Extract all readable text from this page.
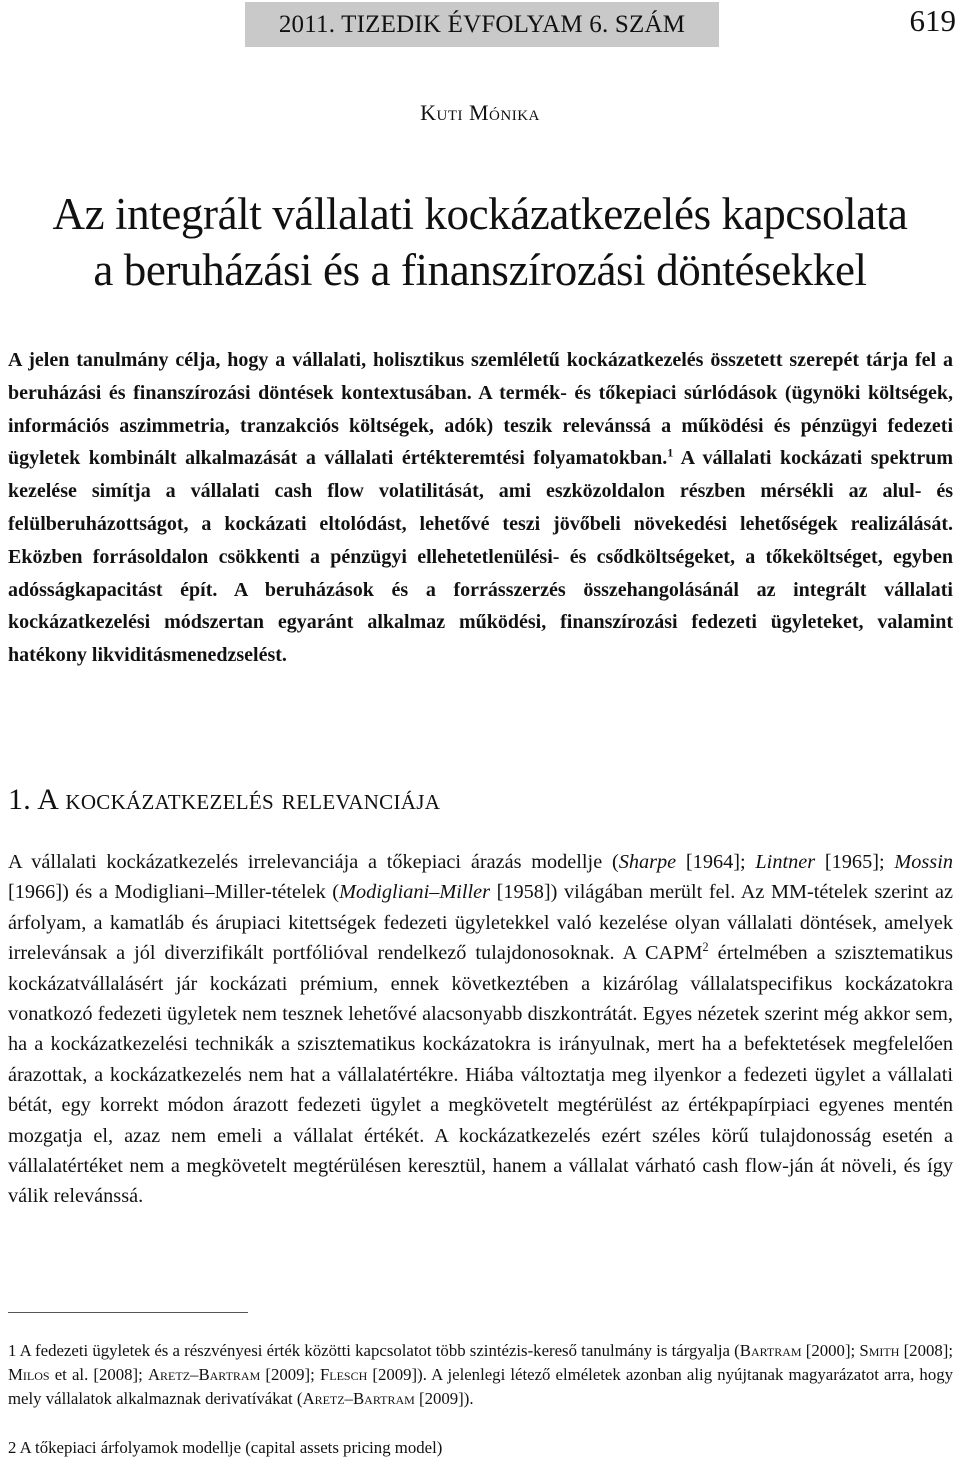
2011. TIZEDIK ÉVFOLYAM 6. SZÁM	619
Kuti Mónika
Az integrált vállalati kockázatkezelés kapcsolata
a beruházási és a finanszírozási döntésekkel

A jelen tanulmány célja, hogy a vállalati, holisztikus szemléletű kockázatkezelés összetett szerepét tárja fel a beruházási és finanszírozási döntések kontextusában. A termék- és tőkepiaci súrlódások (ügynöki költségek, információs aszimmetria, tranzakciós költségek, adók) teszik relevánssá a működési és pénzügyi fedezeti ügyletek kombinált alkalmazását a vállalati értékteremtési folyamatokban.$^1$ A vállalati kockázati spektrum kezelése simítja a vállalati cash flow volatilitását, ami eszközoldalon részben mérsékli az alul- és felülberuházottságot, a kockázati eltolódást, lehetővé teszi jövőbeli növekedési lehetőségek realizálását. Eközben forrásoldalon csökkenti a pénzügyi ellehetetlenülési- és csődköltségeket, a tőkeköltséget, egyben adósságkapacitást épít. A beruházások és a forrásszerzés összehangolásánál az integrált vállalati kockázatkezelési módszertan egyaránt alkalmaz működési, finanszírozási fedezeti ügyleteket, valamint hatékony likviditásmenedzselést.

1. A kockázatkezelés relevanciája

A vállalati kockázatkezelés irrelevanciája a tőkepiaci árazás modellje (Sharpe [1964]; Lintner [1965]; Mossin [1966]) és a Modigliani–Miller-tételek (Modigliani–Miller [1958]) világában merült fel. Az MM-tételek szerint az árfolyam, a kamatláb és árupiaci kitettségek fedezeti ügyletekkel való kezelése olyan vállalati döntések, amelyek irrelevánsak a jól diverzifikált portfólióval rendelkező tulajdonosoknak. A CAPM$^2$ értelmében a szisztematikus kockázatvállalásért jár kockázati prémium, ennek következtében a kizárólag vállalatspecifikus kockázatokra vonatkozó fedezeti ügyletek nem tesznek lehetővé alacsonyabb diszkontrátát. Egyes nézetek szerint még akkor sem, ha a kockázatkezelési technikák a szisztematikus kockázatokra is irányulnak, mert ha a befektetések megfelelően árazottak, a kockázatkezelés nem hat a vállalatértékre. Hiába változtatja meg ilyenkor a fedezeti ügylet a vállalati bétát, egy korrekt módon árazott fedezeti ügylet a megkövetelt megtérülést az értékpapírpiaci egyenes mentén mozgatja el, azaz nem emeli a vállalat értékét. A kockázatkezelés ezért széles körű tulajdonosság esetén a vállalatértéket nem a megkövetelt megtérülésen keresztül, hanem a vállalat várható cash flow-ján át növeli, és így válik relevánssá.

1 A fedezeti ügyletek és a részvényesi érték közötti kapcsolatot több szintézis-kereső tanulmány is tárgyalja (Bartram [2000]; Smith [2008]; Milos et al. [2008]; Aretz–Bartram [2009]; Flesch [2009]). A jelenlegi létező elméletek azonban alig nyújtanak magyarázatot arra, hogy mely vállalatok alkalmaznak derivatívákat (Aretz–Bartram [2009]).

2 A tőkepiaci árfolyamok modellje (capital assets pricing model)
